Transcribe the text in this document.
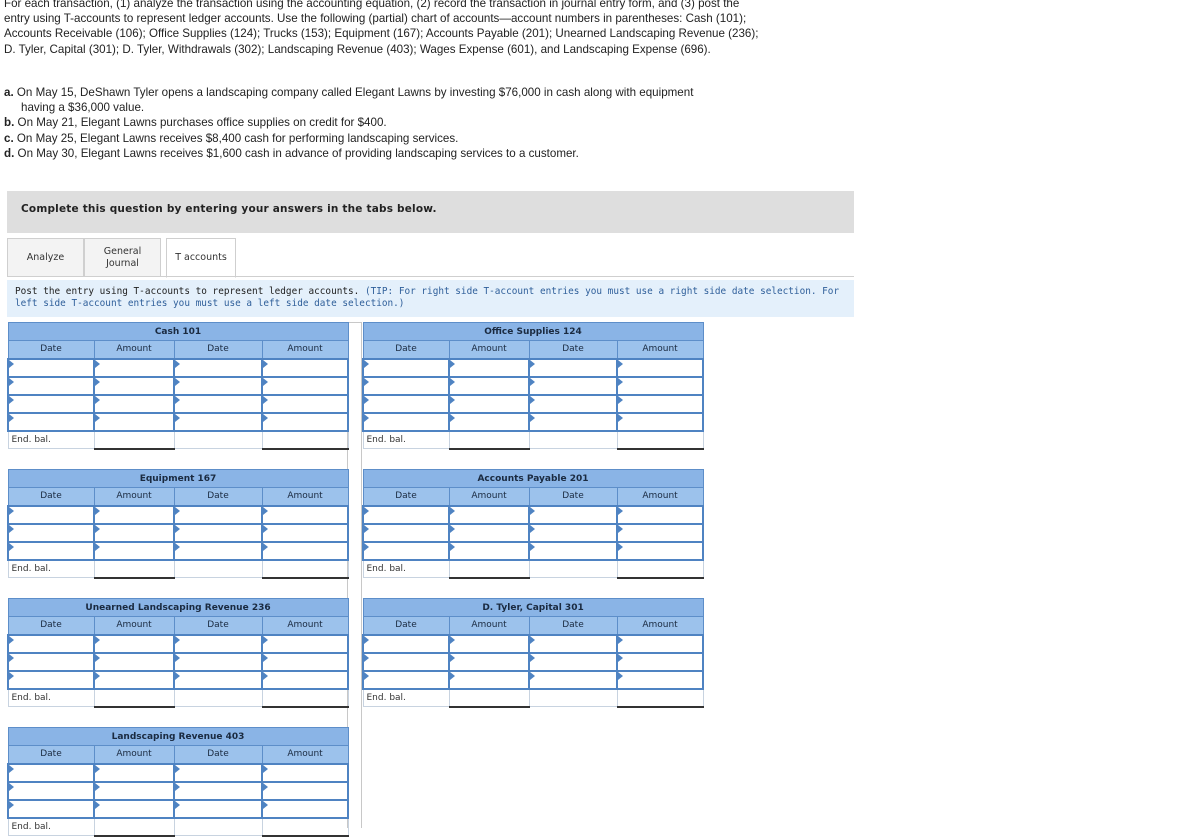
For each transaction, (1) analyze the transaction using the accounting equation, (2) record the transaction in journal entry form, and (3) post the entry using T-accounts to represent ledger accounts. Use the following (partial) chart of accounts—account numbers in parentheses: Cash (101); Accounts Receivable (106); Office Supplies (124); Trucks (153); Equipment (167); Accounts Payable (201); Unearned Landscaping Revenue (236); D. Tyler, Capital (301); D. Tyler, Withdrawals (302); Landscaping Revenue (403); Wages Expense (601), and Landscaping Expense (696).

a. On May 15, DeShawn Tyler opens a landscaping company called Elegant Lawns by investing $76,000 in cash along with equipment

having a $36,000 value.

b. On May 21, Elegant Lawns purchases office supplies on credit for $400.

c. On May 25, Elegant Lawns receives $8,400 cash for performing landscaping services.

d. On May 30, Elegant Lawns receives $1,600 cash in advance of providing landscaping services to a customer.

Complete this question by entering your answers in the tabs below.
Analyze
General Journal	T accounts
Post the entry using T-accounts to represent ledger accounts. (TIP: For right side T-account entries you must use a right side date selection. For left side T-account entries you must use a left side date selection.)
Cash 101			
Date	Amount	Date	Amount

End. bal.			
Office Supplies 124			
Date	Amount	Date	Amount

End. bal.			
Equipment 167			
Date	Amount	Date	Amount

End. bal.			
Accounts Payable 201			
Date	Amount	Date	Amount

End. bal.			
Unearned Landscaping Revenue 236			
Date	Amount	Date	Amount

End. bal.			
D. Tyler, Capital 301			
Date	Amount	Date	Amount

End. bal.			
Landscaping Revenue 403			
Date	Amount	Date	Amount

End. bal.			
